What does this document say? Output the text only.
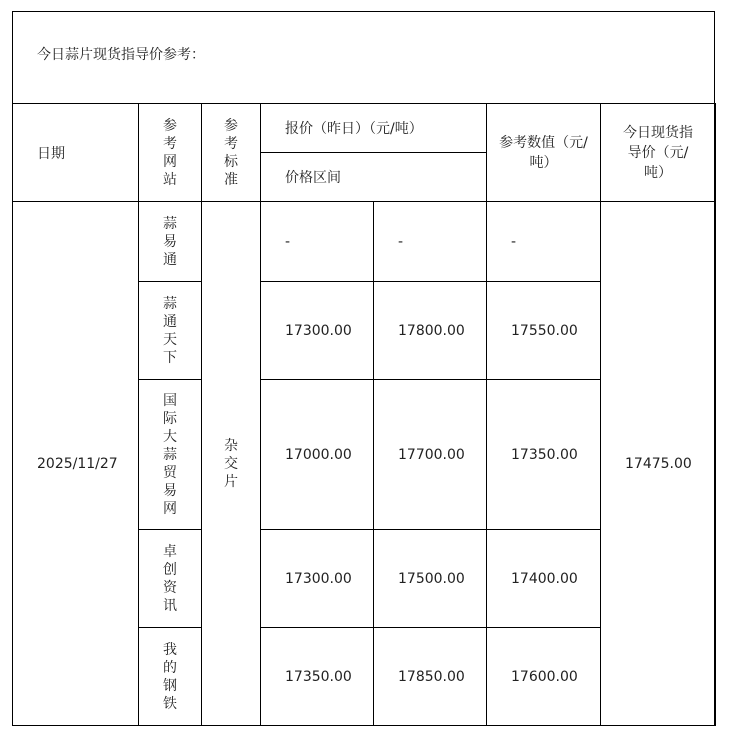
今日蒜片现货指导价参考：
日期	参考网站	参考标准	报价（昨日）（元/吨）		参考数值（元/吨）	今日现货指导价（元/吨）

			价格区间			
2025/11/27	蒜易通	杂交片	-	-	-	17475.00

	蒜通天下		17300.00	17800.00	17550.00	

	国际大蒜贸易网		17000.00	17700.00	17350.00	

	卓创资讯		17300.00	17500.00	17400.00	

	我的钢铁		17350.00	17850.00	17600.00	
